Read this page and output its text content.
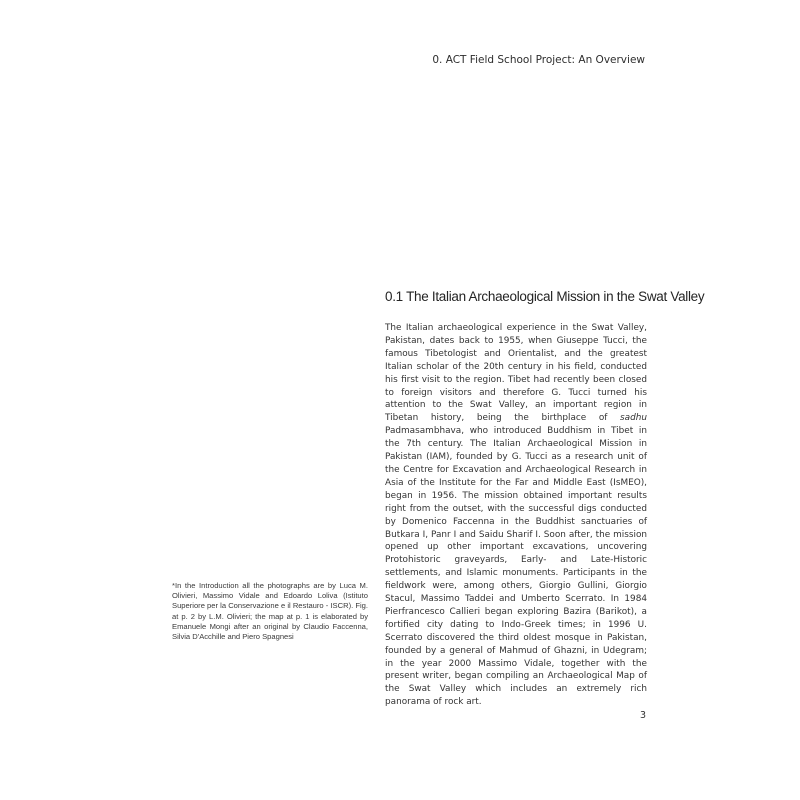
0. ACT Field School Project: An Overview
0.1 The Italian Archaeological Mission in the Swat Valley

The Italian archaeological experience in the Swat Valley, Pakistan, dates back to 1955, when Giuseppe Tucci, the famous Tibetologist and Orientalist, and the greatest Italian scholar of the 20th century in his field, conducted his first visit to the region. Tibet had recently been closed to foreign visitors and therefore G. Tucci turned his attention to the Swat Valley, an important region in Tibetan history, being the birthplace of sadhu Padmasambhava, who introduced Buddhism in Tibet in the 7th century. The Italian Archaeological Mission in Pakistan (IAM), founded by G. Tucci as a research unit of the Centre for Excavation and Archaeological Research in Asia of the Institute for the Far and Middle East (IsMEO), began in 1956. The mission obtained important results right from the outset, with the successful digs conducted by Domenico Faccenna in the Buddhist sanctuaries of Butkara I, Panr I and Saidu Sharif I. Soon after, the mission opened up other important excavations, uncovering Protohistoric graveyards, Early- and Late-Historic settlements, and Islamic monuments. Participants in the fieldwork were, among others, Giorgio Gullini, Giorgio Stacul, Massimo Taddei and Umberto Scerrato. In 1984 Pierfrancesco Callieri began exploring Bazira (Barikot), a fortified city dating to Indo-Greek times; in 1996 U. Scerrato discovered the third oldest mosque in Pakistan, founded by a general of Mahmud of Ghazni, in Udegram; in the year 2000 Massimo Vidale, together with the present writer, began compiling an Archaeological Map of the Swat Valley which includes an extremely rich panorama of rock art.

*In the Introduction all the photographs are by Luca M. Olivieri, Massimo Vidale and Edoardo Loliva (Istituto Superiore per la Conservazione e il Restauro - ISCR). Fig. at p. 2 by L.M. Olivieri; the map at p. 1 is elaborated by Emanuele Mongi after an original by Claudio Faccenna, Silvia D'Acchille and Piero Spagnesi
3
